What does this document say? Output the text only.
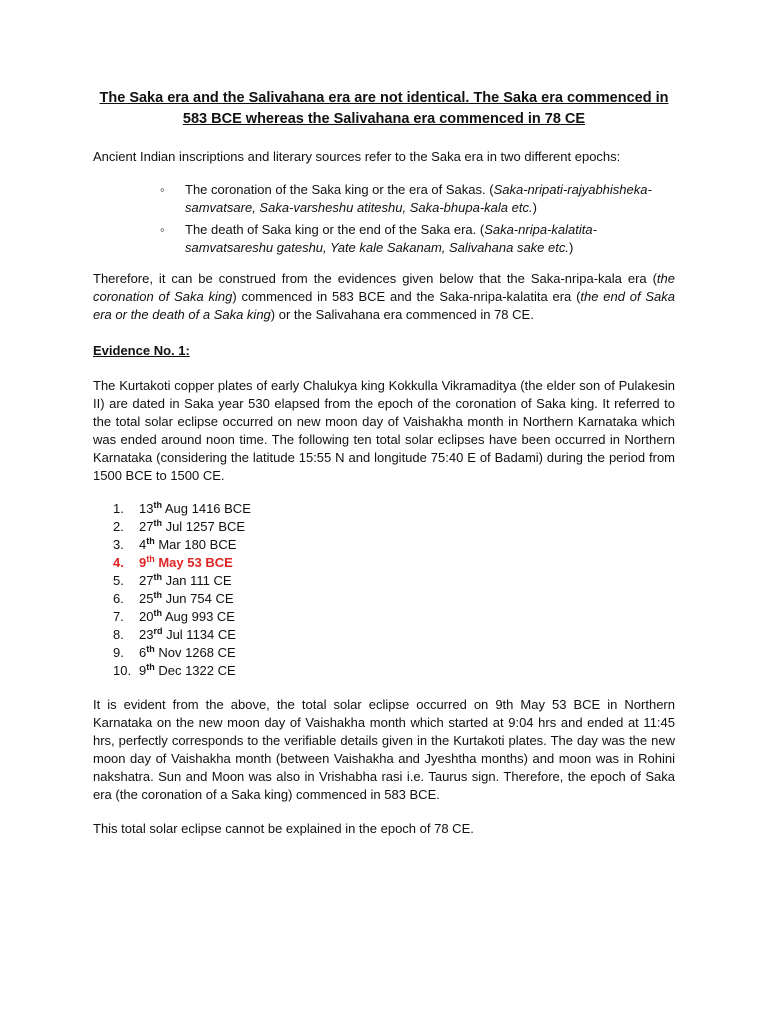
The Saka era and the Salivahana era are not identical. The Saka era commenced in 583 BCE whereas the Salivahana era commenced in 78 CE

Ancient Indian inscriptions and literary sources refer to the Saka era in two different epochs:

◦ The coronation of the Saka king or the era of Sakas. (Saka-nripati-rajyabhisheka-samvatsare, Saka-varsheshu atiteshu, Saka-bhupa-kala etc.)
◦ The death of Saka king or the end of the Saka era. (Saka-nripa-kalatita-samvatsareshu gateshu, Yate kale Sakanam, Salivahana sake etc.)

Therefore, it can be construed from the evidences given below that the Saka-nripa-kala era (the coronation of Saka king) commenced in 583 BCE and the Saka-nripa-kalatita era (the end of Saka era or the death of a Saka king) or the Salivahana era commenced in 78 CE.

Evidence No. 1:

The Kurtakoti copper plates of early Chalukya king Kokkulla Vikramaditya (the elder son of Pulakesin II) are dated in Saka year 530 elapsed from the epoch of the coronation of Saka king. It referred to the total solar eclipse occurred on new moon day of Vaishakha month in Northern Karnataka which was ended around noon time. The following ten total solar eclipses have been occurred in Northern Karnataka (considering the latitude 15:55 N and longitude 75:40 E of Badami) during the period from 1500 BCE to 1500 CE.

1. 13th Aug 1416 BCE
2. 27th Jul 1257 BCE
3. 4th Mar 180 BCE
4. 9th May 53 BCE
5. 27th Jan 111 CE
6. 25th Jun 754 CE
7. 20th Aug 993 CE
8. 23rd Jul 1134 CE
9. 6th Nov 1268 CE
10. 9th Dec 1322 CE

It is evident from the above, the total solar eclipse occurred on 9th May 53 BCE in Northern Karnataka on the new moon day of Vaishakha month which started at 9:04 hrs and ended at 11:45 hrs, perfectly corresponds to the verifiable details given in the Kurtakoti plates. The day was the new moon day of Vaishakha month (between Vaishakha and Jyeshtha months) and moon was in Rohini nakshatra. Sun and Moon was also in Vrishabha rasi i.e. Taurus sign. Therefore, the epoch of Saka era (the coronation of a Saka king) commenced in 583 BCE.

This total solar eclipse cannot be explained in the epoch of 78 CE.
